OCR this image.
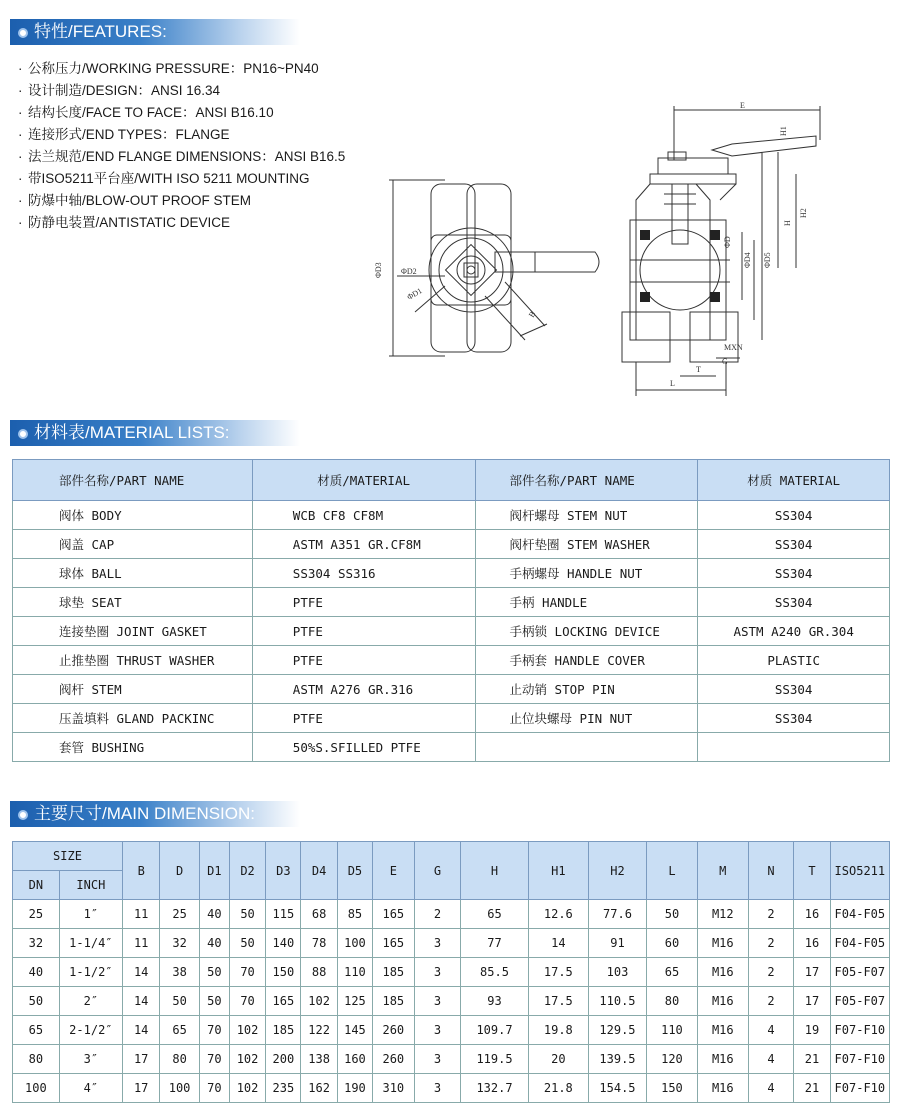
特性/FEATURES:
· 公称压力/WORKING PRESSURE：PN16~PN40
· 设计制造/DESIGN：ANSI 16.34
· 结构长度/FACE TO FACE：ANSI B16.10
· 连接形式/END TYPES：FLANGE
· 法兰规范/END FLANGE DIMENSIONS：ANSI B16.5
· 带ISO5211平台座/WITH ISO 5211 MOUNTING
· 防爆中轴/BLOW-OUT PROOF STEM
· 防静电装置/ANTISTATIC DEVICE
ΦD3 ΦD2
ΦD1
B
E
H1
H2
H
ΦD
ΦD4 ΦD5
MXN
G
T
L
材料表/MATERIAL LISTS:
部件名称/PART NAME	材质/MATERIAL	部件名称/PART NAME	材质 MATERIAL
阀体 BODY	WCB CF8 CF8M	阀杆螺母 STEM NUT	SS304
阀盖 CAP	ASTM A351 GR.CF8M	阀杆垫圈 STEM WASHER	SS304
球体 BALL	SS304 SS316	手柄螺母 HANDLE NUT	SS304
球垫 SEAT	PTFE	手柄 HANDLE	SS304
连接垫圈 JOINT GASKET	PTFE	手柄锁 LOCKING DEVICE	ASTM A240 GR.304
止推垫圈 THRUST WASHER	PTFE	手柄套 HANDLE COVER	PLASTIC
阀杆 STEM	ASTM A276 GR.316	止动销 STOP PIN	SS304
压盖填料 GLAND PACKINC	PTFE	止位块螺母 PIN NUT	SS304
套管 BUSHING	50%S.SFILLED PTFE		
主要尺寸/MAIN DIMENSION:
SIZE		B	D	D1	D2	D3	D4	D5	E	G	H	H1	H2	L	M	N	T	ISO5211
DN	INCH																	
25	1″	11	25	40	50	115	68	85	165	2	65	12.6	77.6	50	M12	2	16	F04-F05
32	1-1/4″	11	32	40	50	140	78	100	165	3	77	14	91	60	M16	2	16	F04-F05
40	1-1/2″	14	38	50	70	150	88	110	185	3	85.5	17.5	103	65	M16	2	17	F05-F07
50	2″	14	50	50	70	165	102	125	185	3	93	17.5	110.5	80	M16	2	17	F05-F07
65	2-1/2″	14	65	70	102	185	122	145	260	3	109.7	19.8	129.5	110	M16	4	19	F07-F10
80	3″	17	80	70	102	200	138	160	260	3	119.5	20	139.5	120	M16	4	21	F07-F10
100	4″	17	100	70	102	235	162	190	310	3	132.7	21.8	154.5	150	M16	4	21	F07-F10
